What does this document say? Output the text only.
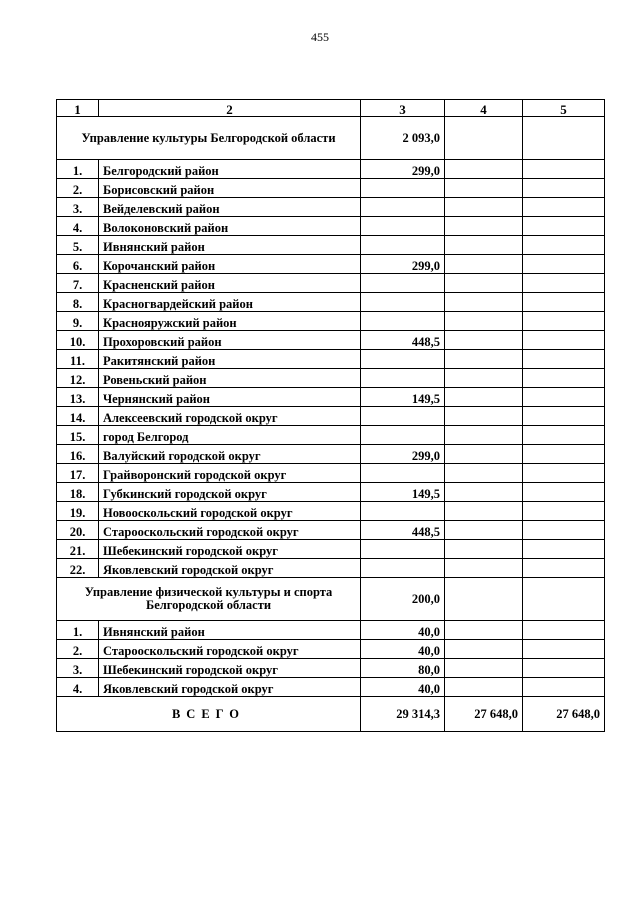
455
1	2	3	4	5
Управление культуры Белгородской области		2 093,0		
1.	Белгородский район	299,0		
2.	Борисовский район			
3.	Вейделевский район			
4.	Волоконовский район			
5.	Ивнянский район			
6.	Корочанский район	299,0		
7.	Красненский район			
8.	Красногвардейский район			
9.	Краснояружский район			
10.	Прохоровский район	448,5		
11.	Ракитянский район			
12.	Ровеньский район			
13.	Чернянский район	149,5		
14.	Алексеевский городской округ			
15.	город Белгород			
16.	Валуйский городской округ	299,0		
17.	Грайворонский городской округ			
18.	Губкинский городской округ	149,5		
19.	Новооскольский городской округ			
20.	Старооскольский городской округ	448,5		
21.	Шебекинский городской округ			
22.	Яковлевский городской округ			
Управление физической культуры и спорта Белгородской области		200,0		
1.	Ивнянский район	40,0		
2.	Старооскольский городской округ	40,0		
3.	Шебекинский городской округ	80,0		
4.	Яковлевский городской округ	40,0		
ВСЕГО		29 314,3	27 648,0	27 648,0
